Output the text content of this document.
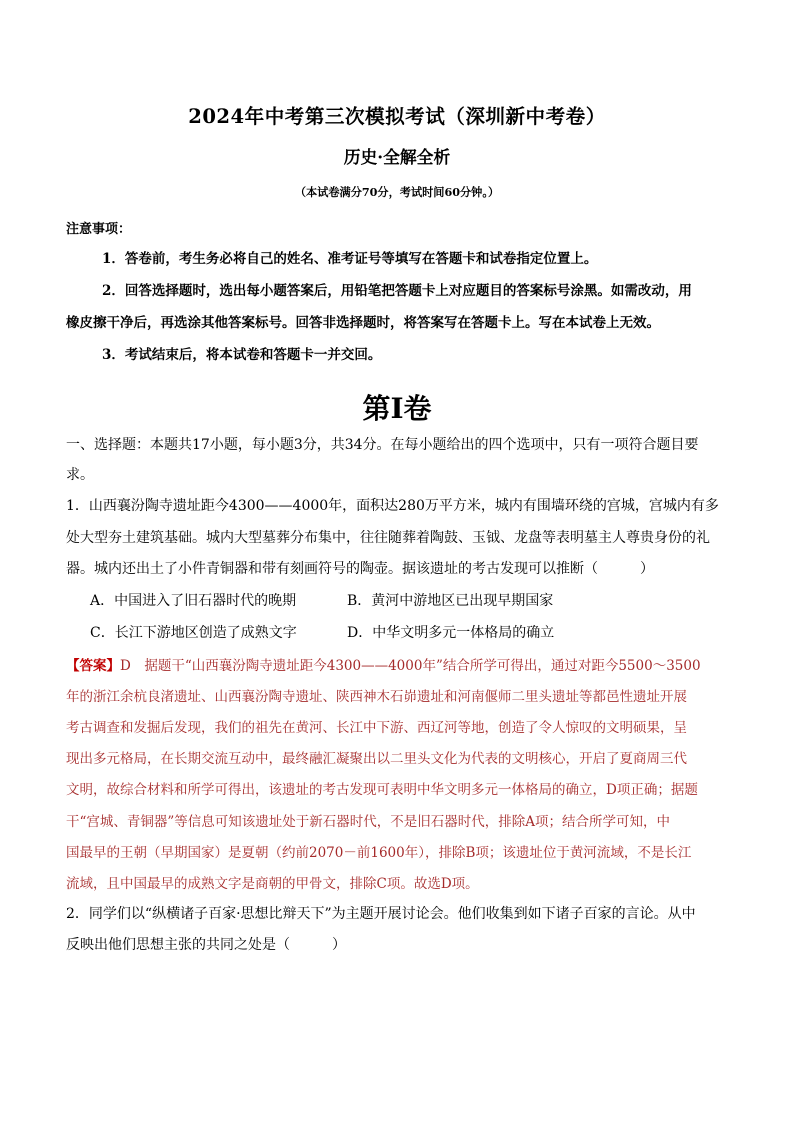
2024年中考第三次模拟考试（深圳新中考卷）
历史·全解全析
（本试卷满分70分，考试时间60分钟。）
注意事项：
1．答卷前，考生务必将自己的姓名、准考证号等填写在答题卡和试卷指定位置上。
2．回答选择题时，选出每小题答案后，用铅笔把答题卡上对应题目的答案标号涂黑。如需改动，用
橡皮擦干净后，再选涂其他答案标号。回答非选择题时，将答案写在答题卡上。写在本试卷上无效。
3．考试结束后，将本试卷和答题卡一并交回。
第Ⅰ卷
一、选择题：本题共17小题，每小题3分，共34分。在每小题给出的四个选项中，只有一项符合题目要
求。
1．山西襄汾陶寺遗址距今4300——4000年，面积达280万平方米，城内有围墙环绕的宫城，宫城内有多
处大型夯土建筑基础。城内大型墓葬分布集中，往往随葬着陶鼓、玉钺、龙盘等表明墓主人尊贵身份的礼
器。城内还出土了小件青铜器和带有刻画符号的陶壶。据该遗址的考古发现可以推断（　　　）
A．中国进入了旧石器时代的晚期	B．黄河中游地区已出现早期国家
C．长江下游地区创造了成熟文字	D．中华文明多元一体格局的确立
【答案】D　据题干“山西襄汾陶寺遗址距今4300——4000年”结合所学可得出，通过对距今5500～3500
年的浙江余杭良渚遗址、山西襄汾陶寺遗址、陕西神木石峁遗址和河南偃师二里头遗址等都邑性遗址开展
考古调查和发掘后发现，我们的祖先在黄河、长江中下游、西辽河等地，创造了令人惊叹的文明硕果，呈
现出多元格局，在长期交流互动中，最终融汇凝聚出以二里头文化为代表的文明核心，开启了夏商周三代
文明，故综合材料和所学可得出，该遗址的考古发现可表明中华文明多元一体格局的确立，D项正确；据题
干“宫城、青铜器”等信息可知该遗址处于新石器时代，不是旧石器时代，排除A项；结合所学可知，中
国最早的王朝（早期国家）是夏朝（约前2070－前1600年），排除B项；该遗址位于黄河流域，不是长江
流域，且中国最早的成熟文字是商朝的甲骨文，排除C项。故选D项。
2．同学们以“纵横诸子百家·思想比辩天下”为主题开展讨论会。他们收集到如下诸子百家的言论。从中
反映出他们思想主张的共同之处是（　　　）
